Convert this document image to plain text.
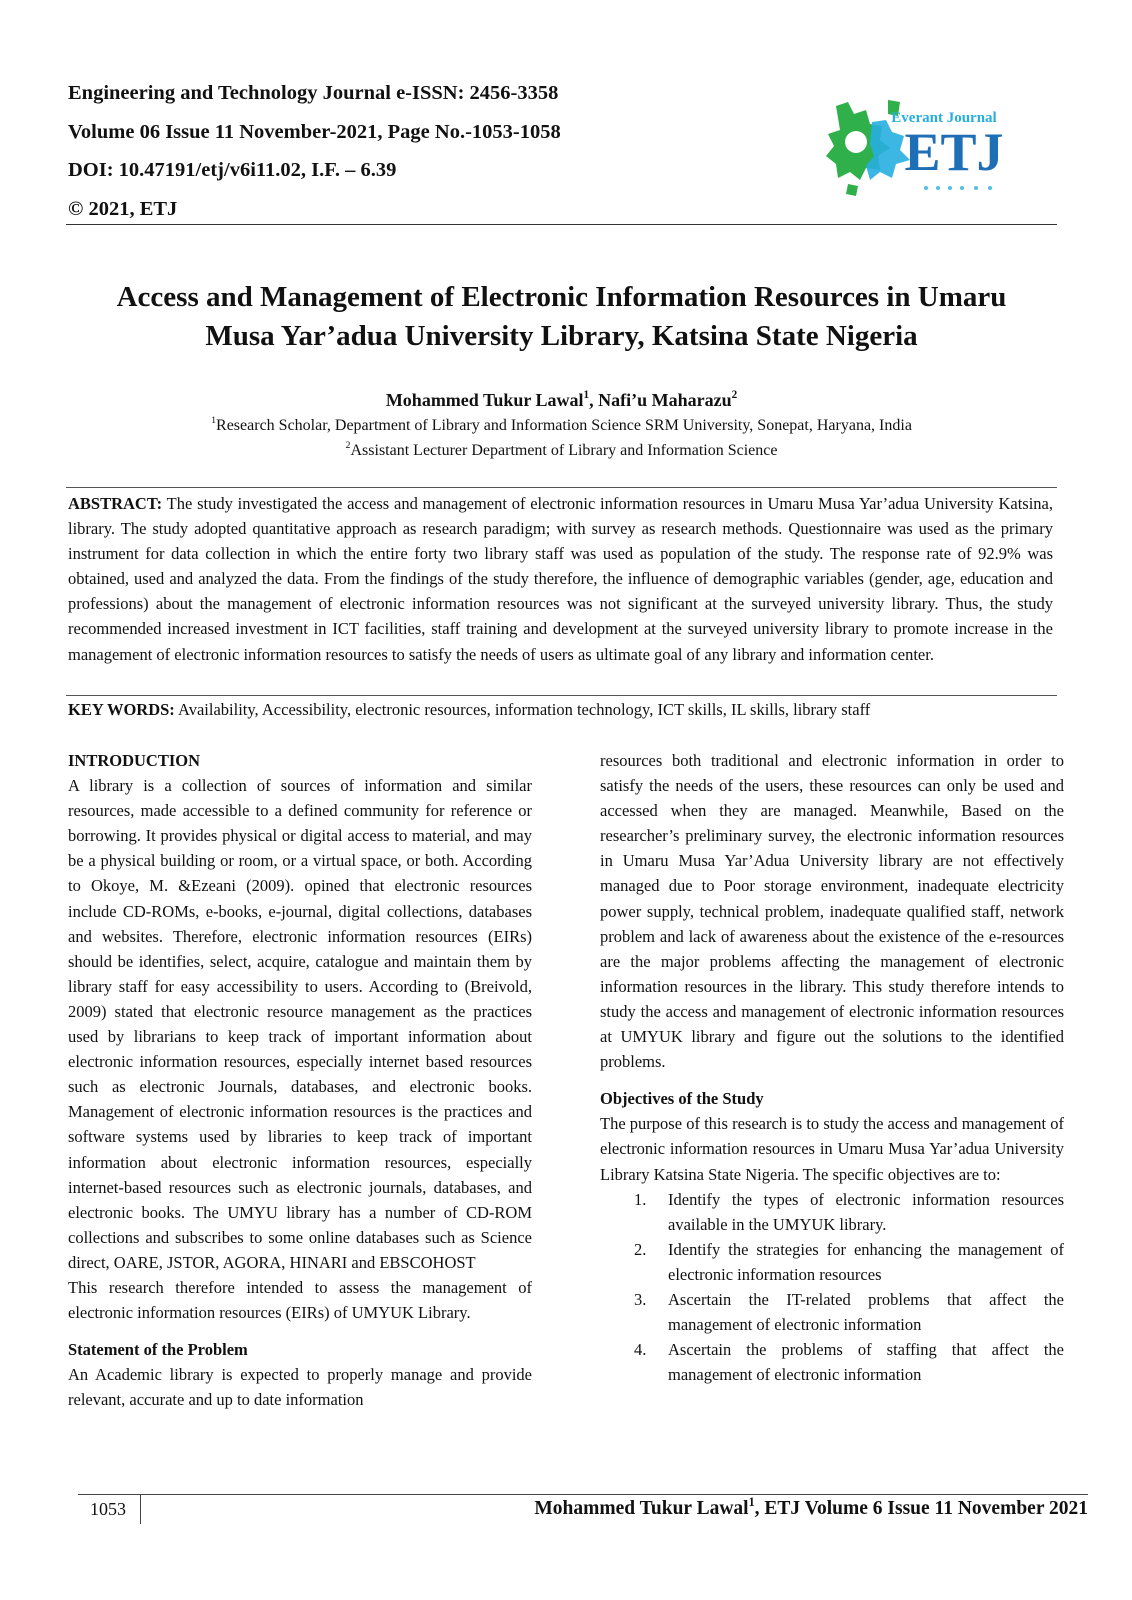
Engineering and Technology Journal e-ISSN: 2456-3358
Volume 06 Issue 11 November-2021, Page No.-1053-1058
DOI: 10.47191/etj/v6i11.02, I.F. – 6.39
© 2021, ETJ
Everant Journal
ETJ
Access and Management of Electronic Information Resources in Umaru
Musa Yar’adua University Library, Katsina State Nigeria
Mohammed Tukur Lawal$^1$, Nafi’u Maharazu$^2$
$^1$Research Scholar, Department of Library and Information Science SRM University, Sonepat, Haryana, India
$^2$Assistant Lecturer Department of Library and Information Science
ABSTRACT: The study investigated the access and management of electronic information resources in Umaru Musa Yar’adua University Katsina, library. The study adopted quantitative approach as research paradigm; with survey as research methods. Questionnaire was used as the primary instrument for data collection in which the entire forty two library staff was used as population of the study. The response rate of 92.9% was obtained, used and analyzed the data. From the findings of the study therefore, the influence of demographic variables (gender, age, education and professions) about the management of electronic information resources was not significant at the surveyed university library. Thus, the study recommended increased investment in ICT facilities, staff training and development at the surveyed university library to promote increase in the management of electronic information resources to satisfy the needs of users as ultimate goal of any library and information center.
KEY WORDS: Availability, Accessibility, electronic resources, information technology, ICT skills, IL skills, library staff
INTRODUCTION

A library is a collection of sources of information and similar resources, made accessible to a defined community for reference or borrowing. It provides physical or digital access to material, and may be a physical building or room, or a virtual space, or both. According to Okoye, M. &Ezeani (2009). opined that electronic resources include CD-ROMs, e-books, e-journal, digital collections, databases and websites. Therefore, electronic information resources (EIRs) should be identifies, select, acquire, catalogue and maintain them by library staff for easy accessibility to users. According to (Breivold, 2009) stated that electronic resource management as the practices used by librarians to keep track of important information about electronic information resources, especially internet based resources such as electronic Journals, databases, and electronic books. Management of electronic information resources is the practices and software systems used by libraries to keep track of important information about electronic information resources, especially internet-based resources such as electronic journals, databases, and electronic books. The UMYU library has a number of CD-ROM collections and subscribes to some online databases such as Science direct, OARE, JSTOR, AGORA, HINARI and EBSCOHOST

This research therefore intended to assess the management of electronic information resources (EIRs) of UMYUK Library.

Statement of the Problem

An Academic library is expected to properly manage and provide relevant, accurate and up to date information

resources both traditional and electronic information in order to satisfy the needs of the users, these resources can only be used and accessed when they are managed. Meanwhile, Based on the researcher’s preliminary survey, the electronic information resources in Umaru Musa Yar’Adua University library are not effectively managed due to Poor storage environment, inadequate electricity power supply, technical problem, inadequate qualified staff, network problem and lack of awareness about the existence of the e-resources are the major problems affecting the management of electronic information resources in the library. This study therefore intends to study the access and management of electronic information resources at UMYUK library and figure out the solutions to the identified problems.

Objectives of the Study

The purpose of this research is to study the access and management of electronic information resources in Umaru Musa Yar’adua University Library Katsina State Nigeria. The specific objectives are to:

1. Identify the types of electronic information resources available in the UMYUK library.
2. Identify the strategies for enhancing the management of electronic information resources
3. Ascertain the IT-related problems that affect the management of electronic information
4. Ascertain the problems of staffing that affect the management of electronic information
1053	Mohammed Tukur Lawal$^1$, ETJ Volume 6 Issue 11 November 2021
